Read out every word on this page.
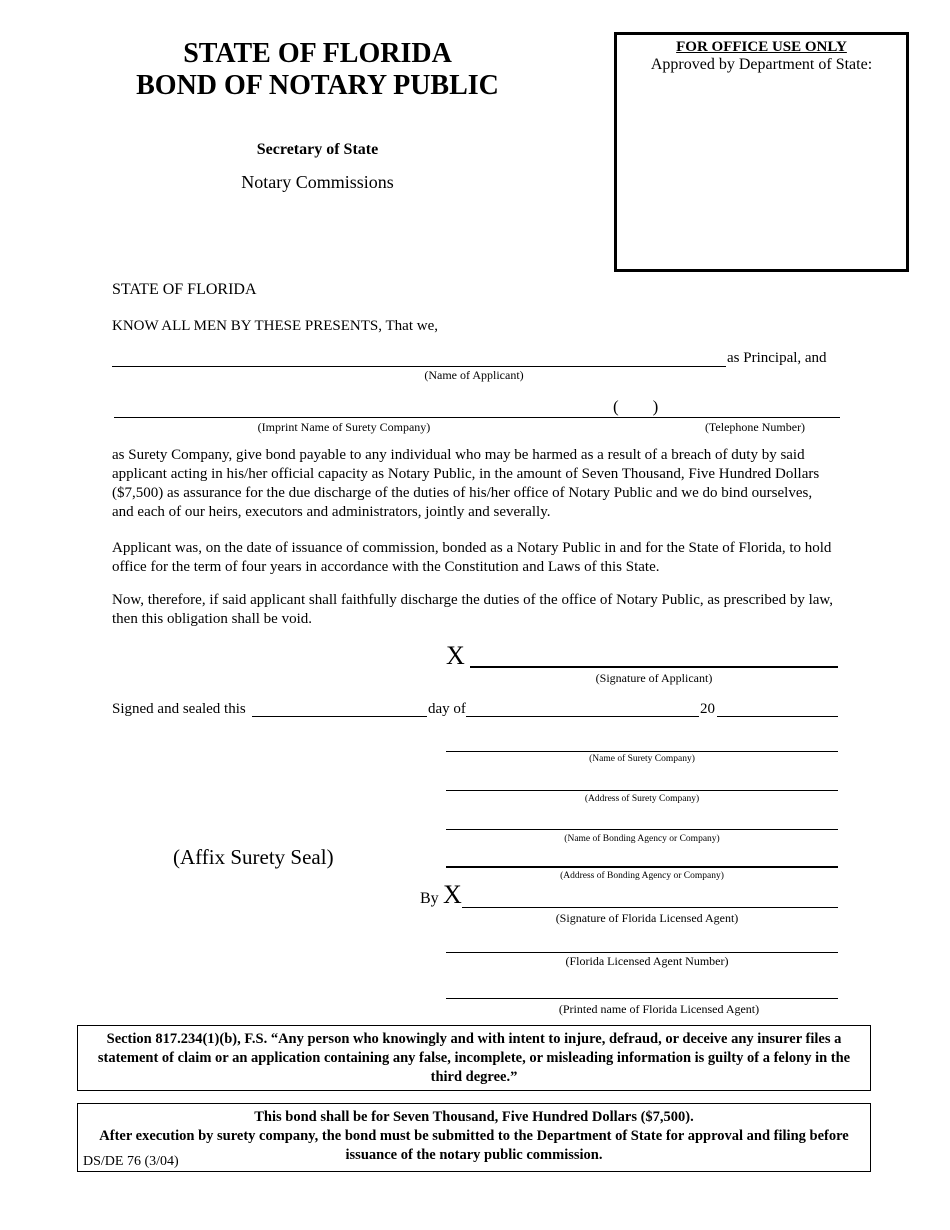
STATE OF FLORIDA
BOND OF NOTARY PUBLIC
Secretary of State
Notary Commissions
FOR OFFICE USE ONLY
Approved by Department of State:
STATE OF FLORIDA
KNOW ALL MEN BY THESE PRESENTS, That we,
as Principal, and
(Name of Applicant)
(        )
(Imprint Name of Surety Company)	(Telephone Number)
as Surety Company, give bond payable to any individual who may be harmed as a result of a breach of duty by said applicant acting in his/her official capacity as Notary Public, in the amount of Seven Thousand, Five Hundred Dollars ($7,500) as assurance for the due discharge of the duties of his/her office of Notary Public and we do bind ourselves, and each of our heirs, executors and administrators, jointly and severally.
Applicant was, on the date of issuance of commission, bonded as a Notary Public in and for the State of Florida, to hold office for the term of four years in accordance with the Constitution and Laws of this State.
Now, therefore, if said applicant shall faithfully discharge the duties of the office of Notary Public, as prescribed by law, then this obligation shall be void.
X
(Signature of Applicant)
Signed and sealed this	day of	20
(Name of Surety Company)
(Address of Surety Company)
(Name of Bonding Agency or Company)
(Address of Bonding Agency or Company)
(Affix Surety Seal)
By X
(Signature of Florida Licensed Agent)
(Florida Licensed Agent Number)
(Printed name of Florida Licensed Agent)
Section 817.234(1)(b), F.S. “Any person who knowingly and with intent to injure, defraud, or deceive any insurer files a statement of claim or an application containing any false, incomplete, or misleading information is guilty of a felony in the third degree.”
This bond shall be for Seven Thousand, Five Hundred Dollars ($7,500).
After execution by surety company, the bond must be submitted to the Department of State for approval and filing before issuance of the notary public commission.
DS/DE 76 (3/04)
